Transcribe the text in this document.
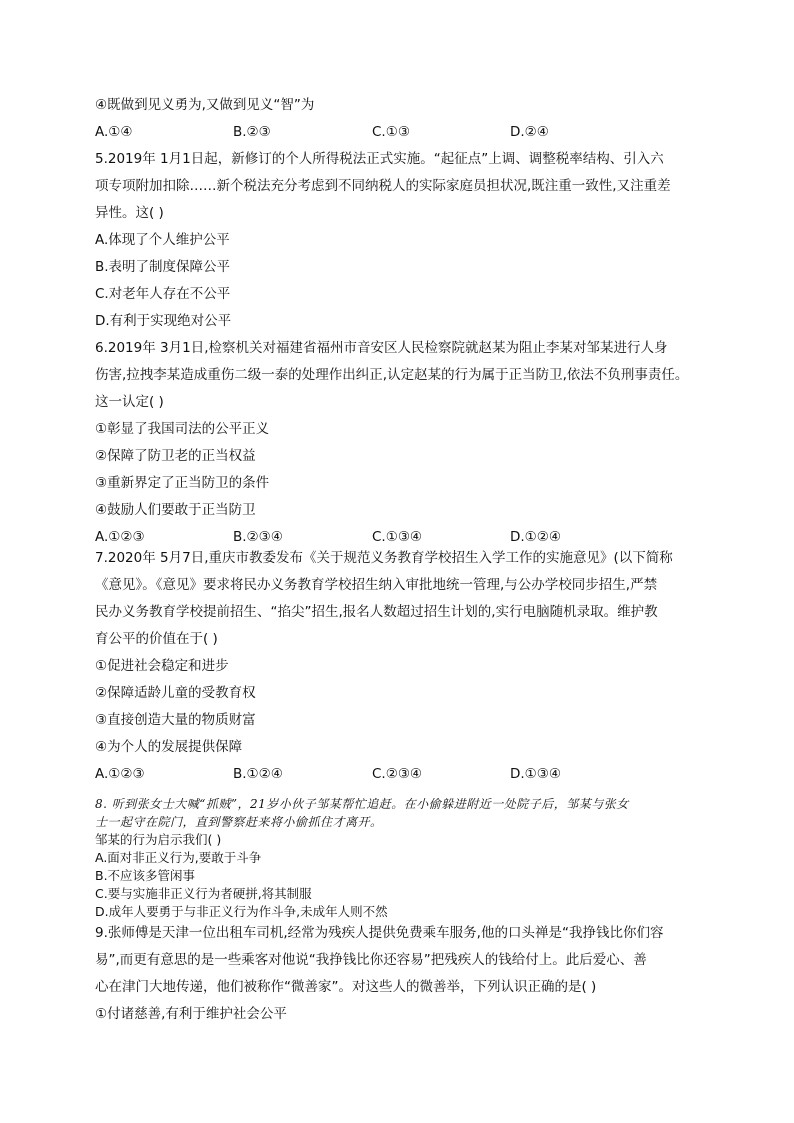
④既做到见义勇为,又做到见义“智”为
A.①④	B.②③	C.①③	D.②④
5.2019年 1月1日起，新修订的个人所得税法正式实施。“起征点”上调、调整税率结构、引入六
项专项附加扣除……新个税法充分考虑到不同纳税人的实际家庭员担状况,既注重一致性,又注重差
异性。这( )
A.体现了个人维护公平
B.表明了制度保障公平
C.对老年人存在不公平
D.有利于实现绝对公平
6.2019年 3月1日,检察机关对福建省福州市音安区人民检察院就赵某为阻止李某对邹某进行人身
伤害,拉拽李某造成重伤二级一泰的处理作出纠正,认定赵某的行为属于正当防卫,依法不负刑事责任。
这一认定( )
①彰显了我国司法的公平正义
②保障了防卫老的正当权益
③重新界定了正当防卫的条件
④鼓励人们要敢于正当防卫
A.①②③	B.②③④	C.①③④	D.①②④
7.2020年 5月7日,重庆市教委发布《关于规范义务教育学校招生入学工作的实施意见》(以下简称
《意见》。《意见》要求将民办义务教育学校招生纳入审批地统一管理,与公办学校同步招生,严禁
民办义务教育学校提前招生、“掐尖”招生,报名人数超过招生计划的,实行电脑随机录取。维护教
育公平的价值在于( )
①促进社会稳定和进步
②保障适龄儿童的受教育权
③直接创造大量的物质财富
④为个人的发展提供保障
A.①②③	B.①②④	C.②③④	D.①③④
8. 听到张女士大喊“抓贼”，21岁小伙子邹某帮忙追赶。在小偷躲进附近一处院子后，邹某与张女
士一起守在院门，直到警察赶来将小偷抓住才离开。
邹某的行为启示我们( )
A.面对非正义行为,要敢于斗争
B.不应该多管闲事
C.要与实施非正义行为者硬拼,将其制服
D.成年人要勇于与非正义行为作斗争,未成年人则不然
9.张师傅是天津一位出租车司机,经常为残疾人提供免费乘车服务,他的口头禅是“我挣钱比你们容
易”,而更有意思的是一些乘客对他说“我挣钱比你还容易”把残疾人的钱给付上。此后爱心、善
心在津门大地传递，他们被称作“微善家”。对这些人的微善举，下列认识正确的是( )
①付诸慈善,有利于维护社会公平
